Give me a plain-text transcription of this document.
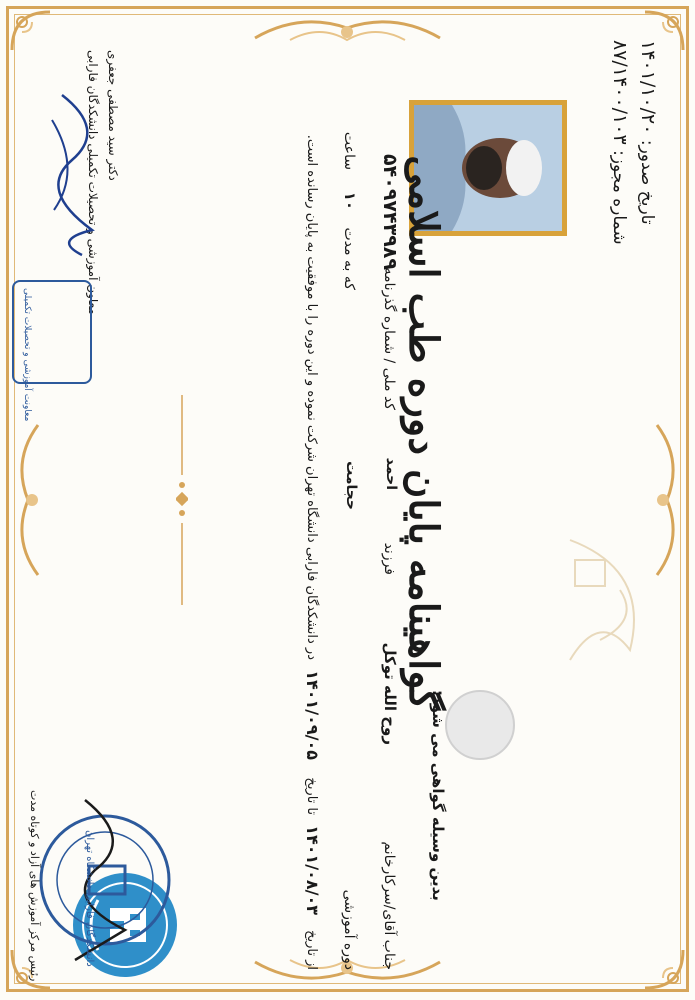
تاریخ صدور: ۱۴۰۱/۱۰/۲۰
شماره مجوز: ۸۷/۱۴۰۰/۱۰۳
گواهینامه پایان دوره طب اسلامی
بدین وسیله گواهی می شود:
جناب آقای/سرکارخانم
روح الله توکل
فرزند
احمد
کد ملی / شماره گذرنامه
۵۴۰۹۷۴۳۹۸۹
دوره آموزشی
حجامت
که به مدت
۱۰
ساعت
از تاریخ
۱۴۰۱/۰۸/۰۳
تا تاریخ
۱۴۰۱/۰۹/۰۵
در دانشکدگان فارابی دانشگاه تهران شرکت نموده و این دوره را با موفقیت به پایان رسانده است.
دکتر سید مصطفی جعفری
معاون آموزشی و تحصیلات تکمیلی دانشکدگان فارابی
معاونت آموزشی و تحصیلات تکمیلی
رئیس مرکز آموزش های آزاد و کوتاه مدت	دانشکدگان فارابی دانشگاه تهران
